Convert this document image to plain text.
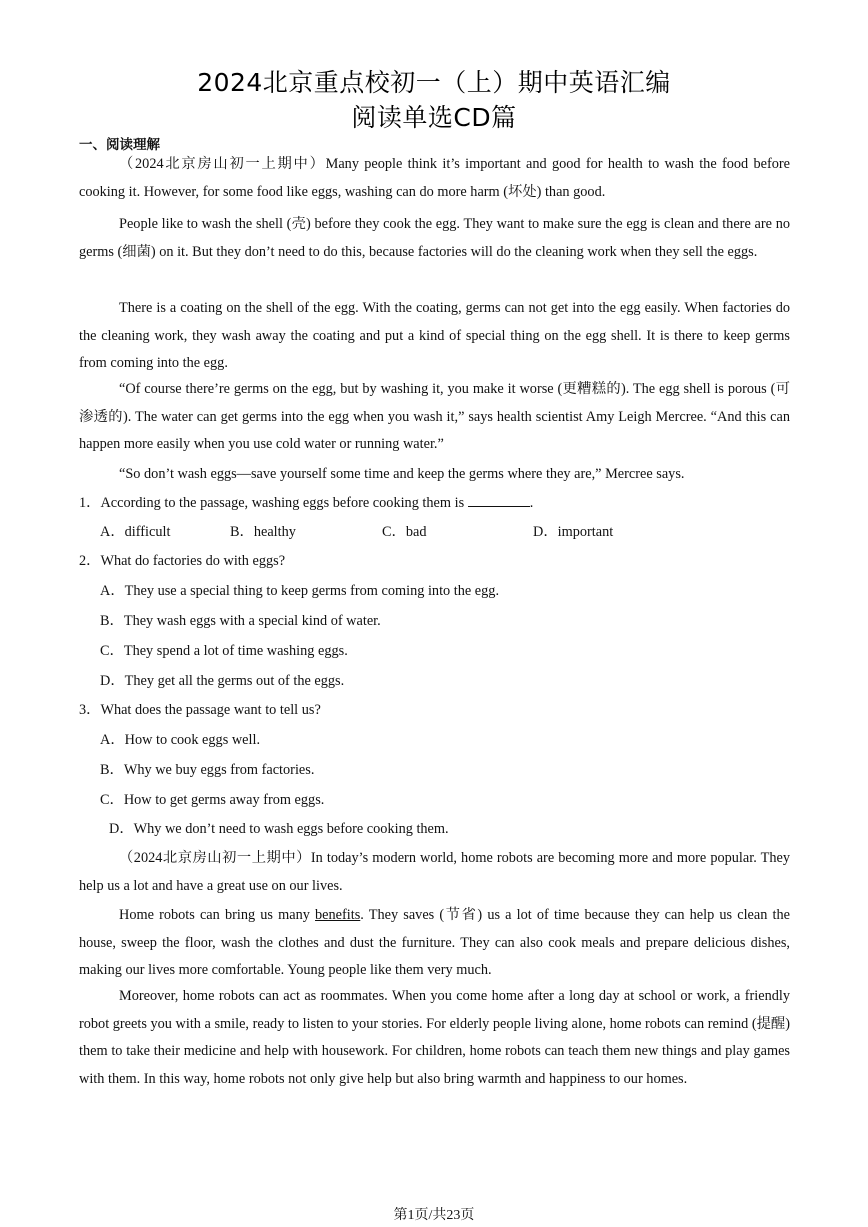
2024北京重点校初一（上）期中英语汇编
阅读单选CD篇
一、阅读理解

（2024北京房山初一上期中）Many people think it’s important and good for health to wash the food before cooking it. However, for some food like eggs, washing can do more harm (坏处) than good.

People like to wash the shell (壳) before they cook the egg. They want to make sure the egg is clean and there are no germs (细菌) on it. But they don’t need to do this, because factories will do the cleaning work when they sell the eggs.

There is a coating on the shell of the egg. With the coating, germs can not get into the egg easily. When factories do the cleaning work, they wash away the coating and put a kind of special thing on the egg shell. It is there to keep germs from coming into the egg.

“Of course there’re germs on the egg, but by washing it, you make it worse (更糟糕的). The egg shell is porous (可渗透的). The water can get germs into the egg when you wash it,” says health scientist Amy Leigh Mercree. “And this can happen more easily when you use cold water or running water.”

“So don’t wash eggs—save yourself some time and keep the germs where they are,” Mercree says.

1．According to the passage, washing eggs before cooking them is	.
A．difficult	B．healthy	C．bad	D．important
2．What do factories do with eggs?
A．They use a special thing to keep germs from coming into the egg.
B．They wash eggs with a special kind of water.
C．They spend a lot of time washing eggs.
D．They get all the germs out of the eggs.
3．What does the passage want to tell us?
A．How to cook eggs well.
B．Why we buy eggs from factories.
C．How to get germs away from eggs.
D．Why we don’t need to wash eggs before cooking them.

（2024北京房山初一上期中）In today’s modern world, home robots are becoming more and more popular. They help us a lot and have a great use on our lives.

Home robots can bring us many benefits. They saves (节省) us a lot of time because they can help us clean the house, sweep the floor, wash the clothes and dust the furniture. They can also cook meals and prepare delicious dishes, making our lives more comfortable. Young people like them very much.

Moreover, home robots can act as roommates. When you come home after a long day at school or work, a friendly robot greets you with a smile, ready to listen to your stories. For elderly people living alone, home robots can remind (提醒) them to take their medicine and help with housework. For children, home robots can teach them new things and play games with them. In this way, home robots not only give help but also bring warmth and happiness to our homes.

第1页/共23页
